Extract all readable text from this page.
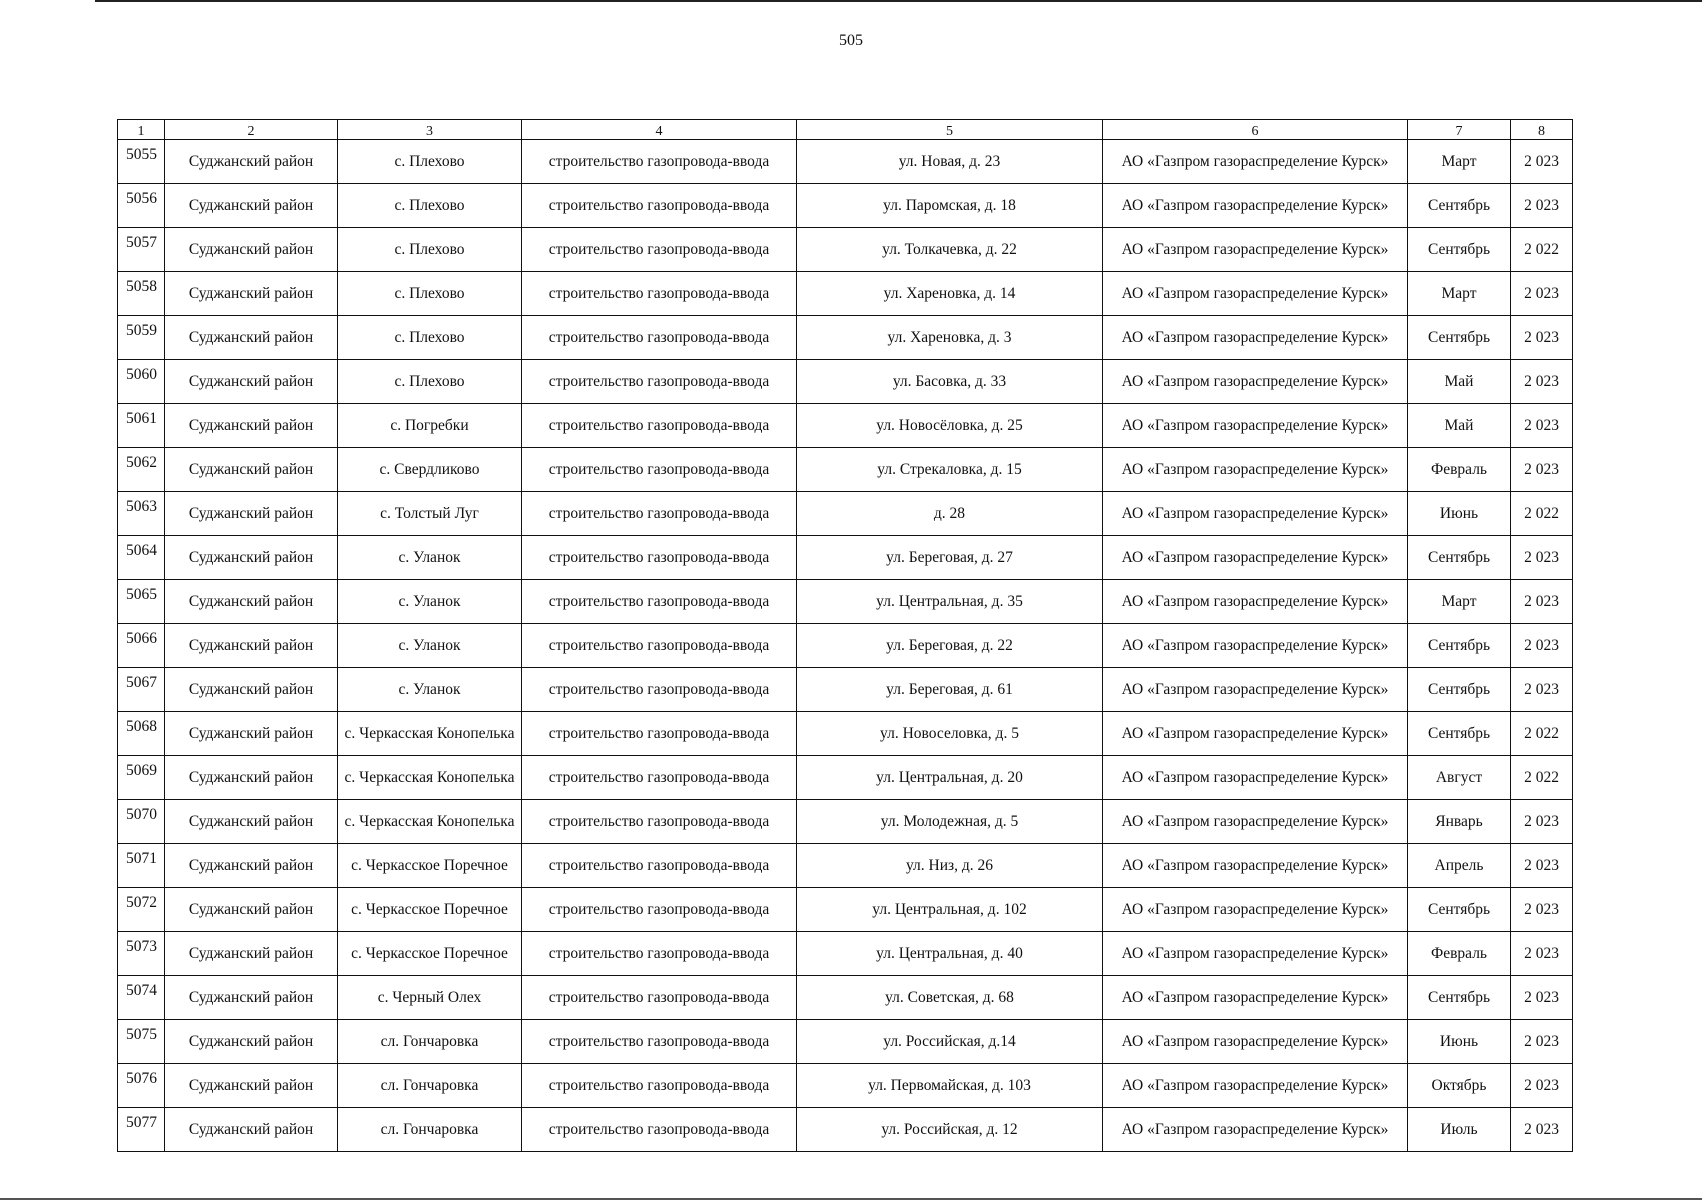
505
1	2	3	4	5	6	7	8
5055	Суджанский район	с. Плехово	строительство газопровода-ввода	ул. Новая, д. 23	АО «Газпром газораспределение Курск»	Март	2 023
5056	Суджанский район	с. Плехово	строительство газопровода-ввода	ул. Паромская, д. 18	АО «Газпром газораспределение Курск»	Сентябрь	2 023
5057	Суджанский район	с. Плехово	строительство газопровода-ввода	ул. Толкачевка, д. 22	АО «Газпром газораспределение Курск»	Сентябрь	2 022
5058	Суджанский район	с. Плехово	строительство газопровода-ввода	ул. Хареновка, д. 14	АО «Газпром газораспределение Курск»	Март	2 023
5059	Суджанский район	с. Плехово	строительство газопровода-ввода	ул. Хареновка, д. 3	АО «Газпром газораспределение Курск»	Сентябрь	2 023
5060	Суджанский район	с. Плехово	строительство газопровода-ввода	ул. Басовка, д. 33	АО «Газпром газораспределение Курск»	Май	2 023
5061	Суджанский район	с. Погребки	строительство газопровода-ввода	ул. Новосёловка, д. 25	АО «Газпром газораспределение Курск»	Май	2 023
5062	Суджанский район	с. Свердликово	строительство газопровода-ввода	ул. Стрекаловка, д. 15	АО «Газпром газораспределение Курск»	Февраль	2 023
5063	Суджанский район	с. Толстый Луг	строительство газопровода-ввода	д. 28	АО «Газпром газораспределение Курск»	Июнь	2 022
5064	Суджанский район	с. Уланок	строительство газопровода-ввода	ул. Береговая, д. 27	АО «Газпром газораспределение Курск»	Сентябрь	2 023
5065	Суджанский район	с. Уланок	строительство газопровода-ввода	ул. Центральная, д. 35	АО «Газпром газораспределение Курск»	Март	2 023
5066	Суджанский район	с. Уланок	строительство газопровода-ввода	ул. Береговая, д. 22	АО «Газпром газораспределение Курск»	Сентябрь	2 023
5067	Суджанский район	с. Уланок	строительство газопровода-ввода	ул. Береговая, д. 61	АО «Газпром газораспределение Курск»	Сентябрь	2 023
5068	Суджанский район	с. Черкасская Конопелька	строительство газопровода-ввода	ул. Новоселовка, д. 5	АО «Газпром газораспределение Курск»	Сентябрь	2 022
5069	Суджанский район	с. Черкасская Конопелька	строительство газопровода-ввода	ул. Центральная, д. 20	АО «Газпром газораспределение Курск»	Август	2 022
5070	Суджанский район	с. Черкасская Конопелька	строительство газопровода-ввода	ул. Молодежная, д. 5	АО «Газпром газораспределение Курск»	Январь	2 023
5071	Суджанский район	с. Черкасское Поречное	строительство газопровода-ввода	ул. Низ, д. 26	АО «Газпром газораспределение Курск»	Апрель	2 023
5072	Суджанский район	с. Черкасское Поречное	строительство газопровода-ввода	ул. Центральная, д. 102	АО «Газпром газораспределение Курск»	Сентябрь	2 023
5073	Суджанский район	с. Черкасское Поречное	строительство газопровода-ввода	ул. Центральная, д. 40	АО «Газпром газораспределение Курск»	Февраль	2 023
5074	Суджанский район	с. Черный Олех	строительство газопровода-ввода	ул. Советская, д. 68	АО «Газпром газораспределение Курск»	Сентябрь	2 023
5075	Суджанский район	сл. Гончаровка	строительство газопровода-ввода	ул. Российская, д.14	АО «Газпром газораспределение Курск»	Июнь	2 023
5076	Суджанский район	сл. Гончаровка	строительство газопровода-ввода	ул. Первомайская, д. 103	АО «Газпром газораспределение Курск»	Октябрь	2 023
5077	Суджанский район	сл. Гончаровка	строительство газопровода-ввода	ул. Российская, д. 12	АО «Газпром газораспределение Курск»	Июль	2 023
